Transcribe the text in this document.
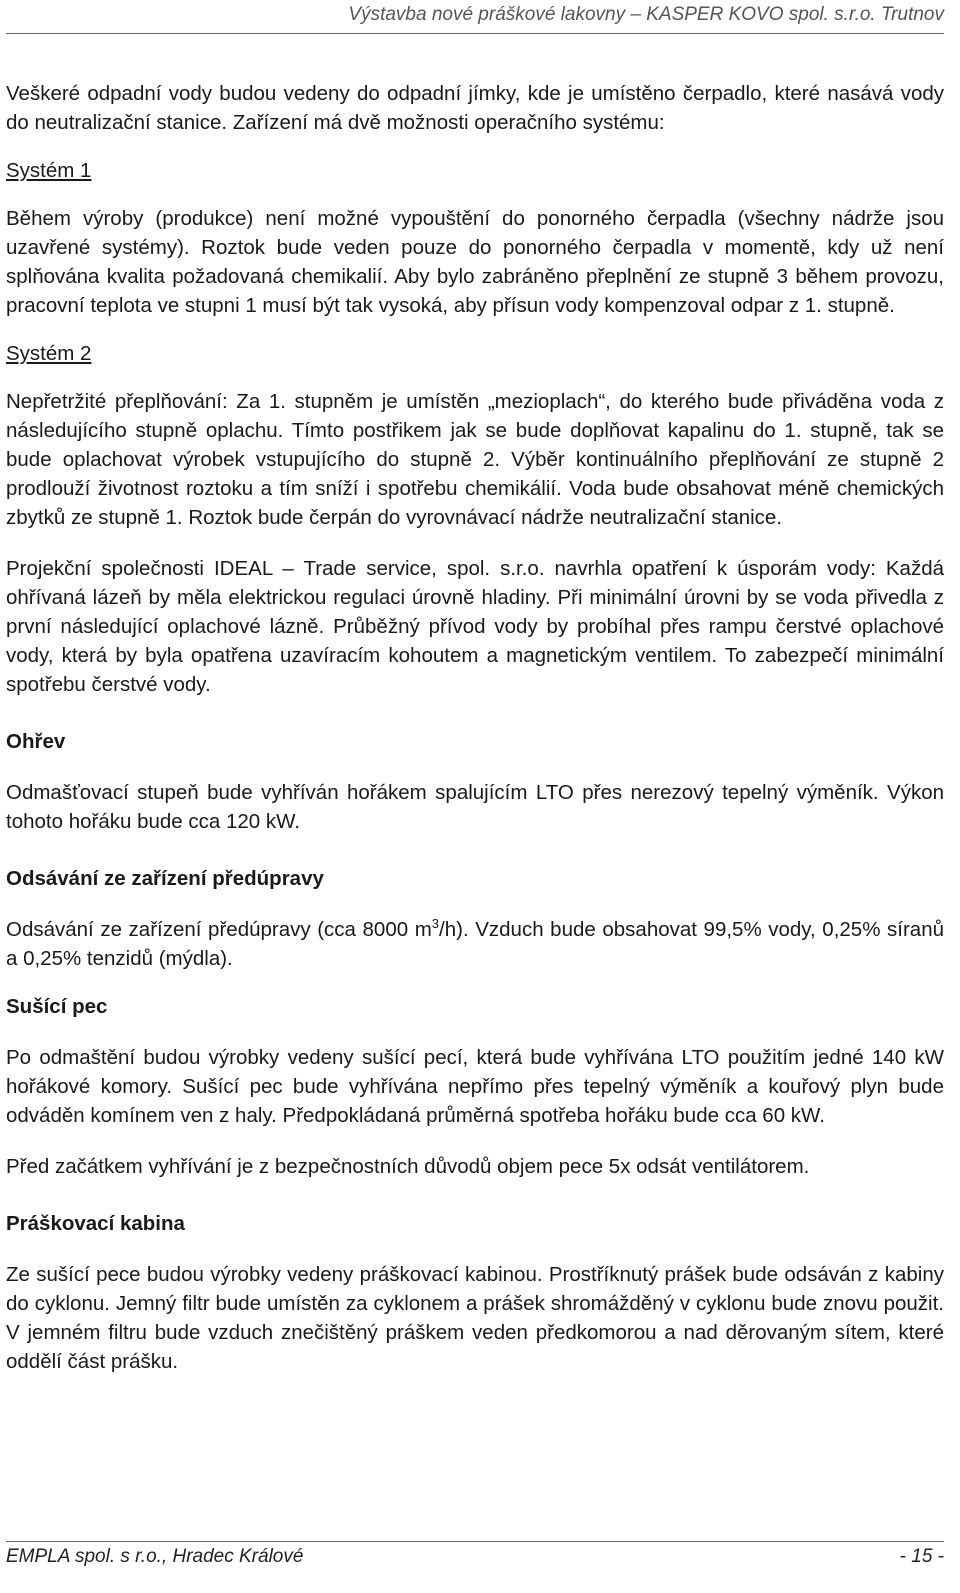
Výstavba nové práškové lakovny – KASPER KOVO spol. s.r.o. Trutnov

Veškeré odpadní vody budou vedeny do odpadní jímky, kde je umístěno čerpadlo, které nasává vody do neutralizační stanice. Zařízení má dvě možnosti operačního systému:

Systém 1

Během výroby (produkce) není možné vypouštění do ponorného čerpadla (všechny nádrže jsou uzavřené systémy). Roztok bude veden pouze do ponorného čerpadla v momentě, kdy už není splňována kvalita požadovaná chemikalií. Aby bylo zabráněno přeplnění ze stupně 3 během provozu, pracovní teplota ve stupni 1 musí být tak vysoká, aby přísun vody kompenzoval odpar z 1. stupně.

Systém 2

Nepřetržité přeplňování: Za 1. stupněm je umístěn „mezioplach“, do kterého bude přiváděna voda z následujícího stupně oplachu. Tímto postřikem jak se bude doplňovat kapalinu do 1. stupně, tak se bude oplachovat výrobek vstupujícího do stupně 2. Výběr kontinuálního přeplňování ze stupně 2 prodlouží životnost roztoku a tím sníží i spotřebu chemikálií. Voda bude obsahovat méně chemických zbytků ze stupně 1. Roztok bude čerpán do vyrovnávací nádrže neutralizační stanice.

Projekční společnosti IDEAL – Trade service, spol. s.r.o. navrhla opatření k úsporám vody: Každá ohřívaná lázeň by měla elektrickou regulaci úrovně hladiny. Při minimální úrovni by se voda přivedla z první následující oplachové lázně. Průběžný přívod vody by probíhal přes rampu čerstvé oplachové vody, která by byla opatřena uzavíracím kohoutem a magnetickým ventilem. To zabezpečí minimální spotřebu čerstvé vody.

Ohřev

Odmašťovací stupeň bude vyhříván hořákem spalujícím LTO přes nerezový tepelný výměník. Výkon tohoto hořáku bude cca 120 kW.

Odsávání ze zařízení předúpravy

Odsávání ze zařízení předúpravy (cca 8000 $m^3/h$). Vzduch bude obsahovat 99,5% vody, 0,25% síranů a 0,25% tenzidů (mýdla).

Sušící pec

Po odmaštění budou výrobky vedeny sušící pecí, která bude vyhřívána LTO použitím jedné 140 kW hořákové komory. Sušící pec bude vyhřívána nepřímo přes tepelný výměník a kouřový plyn bude odváděn komínem ven z haly. Předpokládaná průměrná spotřeba hořáku bude cca 60 kW.

Před začátkem vyhřívání je z bezpečnostních důvodů objem pece 5x odsát ventilátorem.

Práškovací kabina

Ze sušící pece budou výrobky vedeny práškovací kabinou. Prostříknutý prášek bude odsáván z kabiny do cyklonu. Jemný filtr bude umístěn za cyklonem a prášek shromážděný v cyklonu bude znovu použit. V jemném filtru bude vzduch znečištěný práškem veden předkomorou a nad děrovaným sítem, které oddělí část prášku.

EMPLA spol. s r.o., Hradec Králové	- 15 -
